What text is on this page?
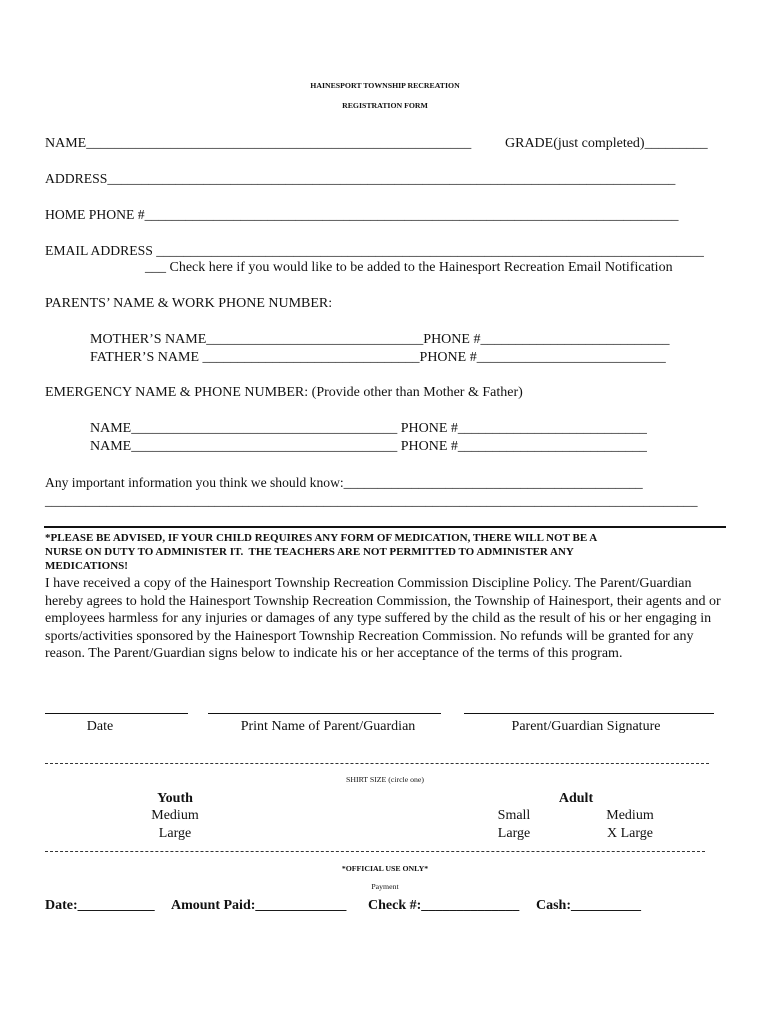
HAINESPORT TOWNSHIP RECREATION
REGISTRATION FORM
NAME_______________________________________________________ GRADE(just completed)_________
ADDRESS___________________________________________________________________________________
HOME PHONE #______________________________________________________________________________
EMAIL ADDRESS ________________________________________________________________________________
___ Check here if you would like to be added to the Hainesport Recreation Email Notification
PARENTS’ NAME & WORK PHONE NUMBER:
MOTHER’S NAME_______________________________PHONE #___________________________
FATHER’S NAME _______________________________PHONE #___________________________
EMERGENCY NAME & PHONE NUMBER: (Provide other than Mother & Father)
NAME______________________________________ PHONE #___________________________
NAME______________________________________ PHONE #___________________________
Any important information you think we should know:____________________________________________
________________________________________________________________________________________________
*PLEASE BE ADVISED, IF YOUR CHILD REQUIRES ANY FORM OF MEDICATION, THERE WILL NOT BE A
NURSE ON DUTY TO ADMINISTER IT.  THE TEACHERS ARE NOT PERMITTED TO ADMINISTER ANY
MEDICATIONS!
I have received a copy of the Hainesport Township Recreation Commission Discipline Policy. The Parent/Guardian hereby agrees to hold the Hainesport Township Recreation Commission, the Township of Hainesport, their agents and or employees harmless for any injuries or damages of any type suffered by the child as the result of his or her engaging in sports/activities sponsored by the Hainesport Township Recreation Commission. No refunds will be granted for any reason. The Parent/Guardian signs below to indicate his or her acceptance of the terms of this program.
Date	Print Name of Parent/Guardian	Parent/Guardian Signature
SHIRT SIZE (circle one)
Youth
Medium
Large
Adult
Small	Medium
Large	X Large
*OFFICIAL USE ONLY*
Payment
Date:___________ Amount Paid:_____________ Check #:______________ Cash:__________
